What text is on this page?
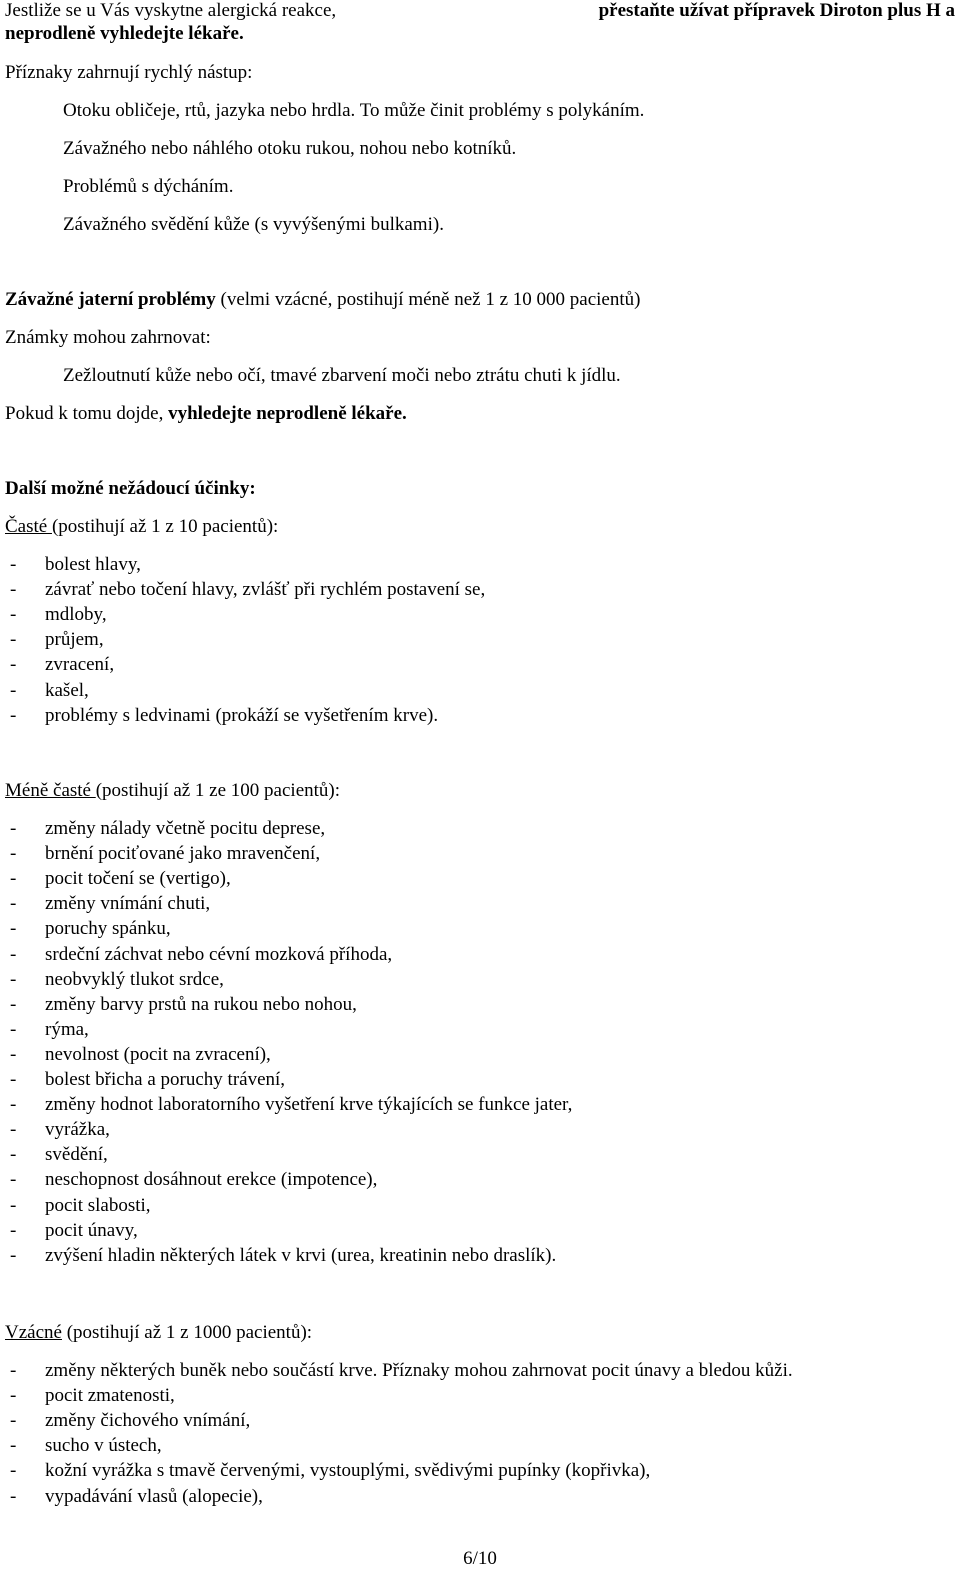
Jestliže se u Vás vyskytne alergická reakce,	přestaňte užívat přípravek Diroton plus H a
neprodleně vyhledejte lékaře.
Příznaky zahrnují rychlý nástup:
Otoku obličeje, rtů, jazyka nebo hrdla. To může činit problémy s polykáním.
Závažného nebo náhlého otoku rukou, nohou nebo kotníků.
Problémů s dýcháním.
Závažného svědění kůže (s vyvýšenými bulkami).
Závažné jaterní problémy (velmi vzácné, postihují méně než 1 z 10 000 pacientů)
Známky mohou zahrnovat:
Zežloutnutí kůže nebo očí, tmavé zbarvení moči nebo ztrátu chuti k jídlu.
Pokud k tomu dojde, vyhledejte neprodleně lékaře.
Další možné nežádoucí účinky:
Časté (postihují až 1 z 10 pacientů):
- bolest hlavy,
- závrať nebo točení hlavy, zvlášť při rychlém postavení se,
- mdloby,
- průjem,
- zvracení,
- kašel,
- problémy s ledvinami (prokáží se vyšetřením krve).
Méně časté (postihují až 1 ze 100 pacientů):
- změny nálady včetně pocitu deprese,
- brnění pociťované jako mravenčení,
- pocit točení se (vertigo),
- změny vnímání chuti,
- poruchy spánku,
- srdeční záchvat nebo cévní mozková příhoda,
- neobvyklý tlukot srdce,
- změny barvy prstů na rukou nebo nohou,
- rýma,
- nevolnost (pocit na zvracení),
- bolest břicha a poruchy trávení,
- změny hodnot laboratorního vyšetření krve týkajících se funkce jater,
- vyrážka,
- svědění,
- neschopnost dosáhnout erekce (impotence),
- pocit slabosti,
- pocit únavy,
- zvýšení hladin některých látek v krvi (urea, kreatinin nebo draslík).
Vzácné (postihují až 1 z 1000 pacientů):
- změny některých buněk nebo součástí krve. Příznaky mohou zahrnovat pocit únavy a bledou kůži.
- pocit zmatenosti,
- změny čichového vnímání,
- sucho v ústech,
- kožní vyrážka s tmavě červenými, vystouplými, svědivými pupínky (kopřivka),
- vypadávání vlasů (alopecie),
6/10
